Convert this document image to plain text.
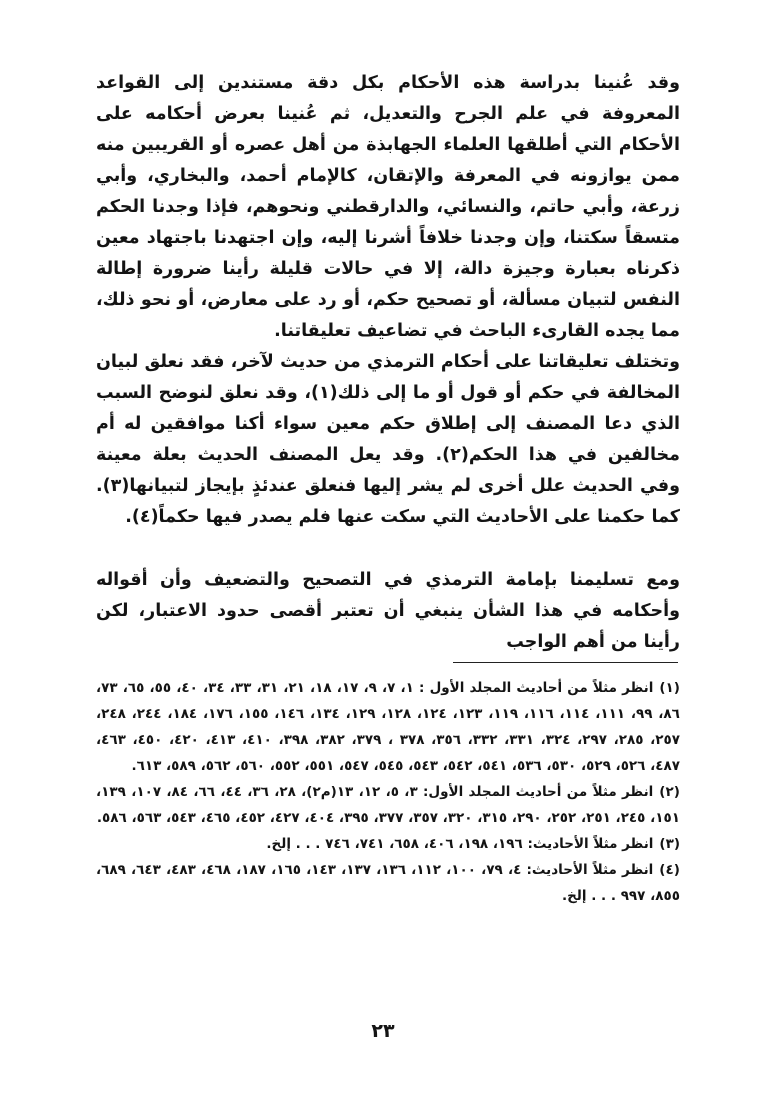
وقد عُنينا بدراسة هذه الأحكام بكل دقة مستندين إلى القواعد المعروفة في علم الجرح والتعديل، ثم عُنينا بعرض أحكامه على الأحكام التي أطلقها العلماء الجهابذة من أهل عصره أو القريبين منه ممن يوازونه في المعرفة والإتقان، كالإمام أحمد، والبخاري، وأبي زرعة، وأبي حاتم، والنسائي، والدارقطني ونحوهم، فإذا وجدنا الحكم متسقاً سكتنا، وإن وجدنا خلافاً أشرنا إليه، وإن اجتهدنا باجتهاد معين ذكرناه بعبارة وجيزة دالة، إلا في حالات قليلة رأينا ضرورة إطالة النفس لتبيان مسألة، أو تصحيح حكم، أو رد على معارض، أو نحو ذلك، مما يجده القارىء الباحث في تضاعيف تعليقاتنا.

وتختلف تعليقاتنا على أحكام الترمذي من حديث لآخر، فقد نعلق لبيان المخالفة في حكم أو قول أو ما إلى ذلك(١)، وقد نعلق لنوضح السبب الذي دعا المصنف إلى إطلاق حكم معين سواء أكنا موافقين له أم مخالفين في هذا الحكم(٢). وقد يعل المصنف الحديث بعلة معينة وفي الحديث علل أخرى لم يشر إليها فنعلق عندئذٍ بإيجاز لتبيانها(٣). كما حكمنا على الأحاديث التي سكت عنها فلم يصدر فيها حكماً(٤).

ومع تسليمنا بإمامة الترمذي في التصحيح والتضعيف وأن أقواله وأحكامه في هذا الشأن ينبغي أن تعتبر أقصى حدود الاعتبار، لكن رأينا من أهم الواجب

(١)انظر مثلاً من أحاديث المجلد الأول : ١، ٧، ٩، ١٧، ١٨، ٢١، ٣١، ٣٣، ٣٤، ٤٠، ٥٥، ٦٥، ٧٣، ٨٦، ٩٩، ١١١، ١١٤، ١١٦، ١١٩، ١٢٣، ١٢٤، ١٢٨، ١٢٩، ١٣٤، ١٤٦، ١٥٥، ١٧٦، ١٨٤، ٢٤٤، ٢٤٨، ٢٥٧، ٢٨٥، ٢٩٧، ٣٢٤، ٣٣١، ٣٣٢، ٣٥٦، ٣٧٨ ، ٣٧٩، ٣٨٢، ٣٩٨، ٤١٠، ٤١٣، ٤٢٠، ٤٥٠، ٤٦٣، ٤٨٧، ٥٢٦، ٥٢٩، ٥٣٠، ٥٣٦، ٥٤١، ٥٤٢، ٥٤٣، ٥٤٥، ٥٤٧، ٥٥١، ٥٥٢، ٥٦٠، ٥٦٢، ٥٨٩، ٦١٣.

(٢)انظر مثلاً من أحاديث المجلد الأول: ٣، ٥، ١٢، ١٣(م٢)، ٢٨، ٣٦، ٤٤، ٦٦، ٨٤، ١٠٧، ١٣٩، ١٥١، ٢٤٥، ٢٥١، ٢٥٢، ٢٩٠، ٣١٥، ٣٢٠، ٣٥٧، ٣٧٧، ٣٩٥، ٤٠٤، ٤٢٧، ٤٥٢، ٤٦٥، ٥٤٣، ٥٦٣، ٥٨٦.

(٣)انظر مثلاً الأحاديث: ١٩٦، ١٩٨، ٤٠٦، ٦٥٨، ٧٤١، ٧٤٦ . . . إلخ.

(٤)انظر مثلاً الأحاديث: ٤، ٧٩، ١٠٠، ١١٢، ١٣٦، ١٣٧، ١٤٣، ١٦٥، ١٨٧، ٤٦٨، ٤٨٣، ٦٤٣، ٦٨٩، ٨٥٥، ٩٩٧ . . . إلخ.

٢٣
